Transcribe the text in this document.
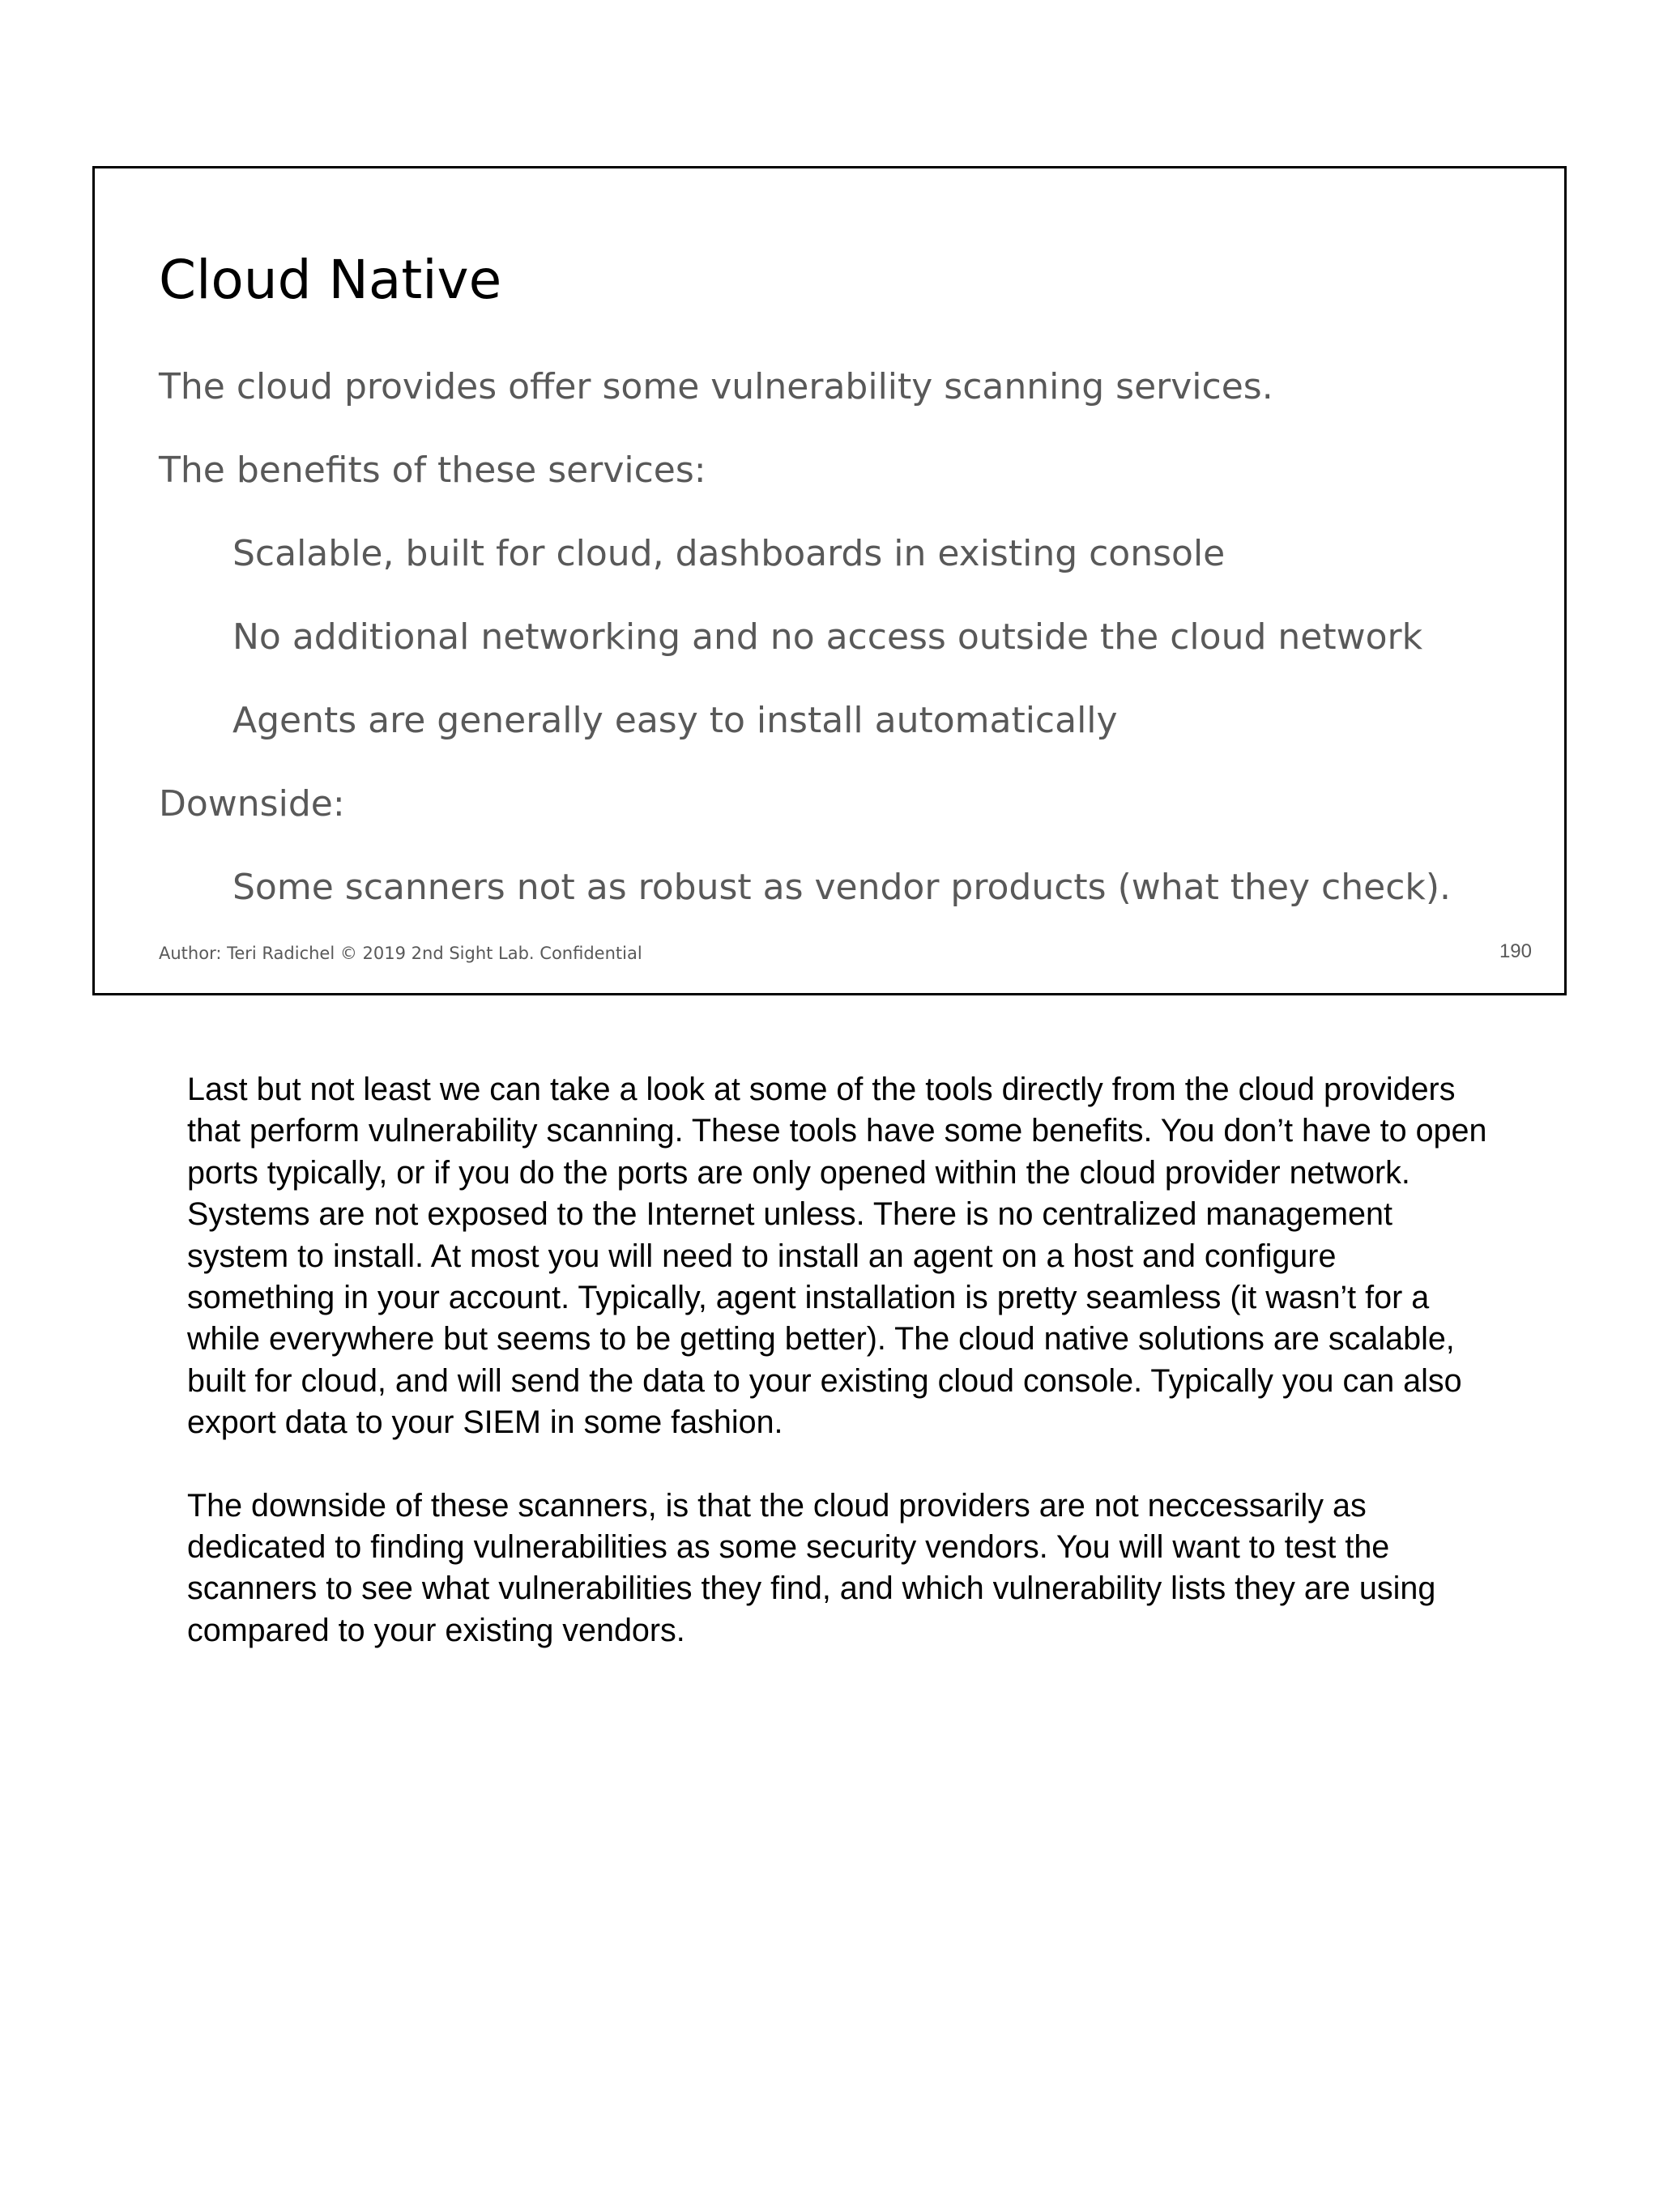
Cloud Native

The cloud provides offer some vulnerability scanning services.

The benefits of these services:

Scalable, built for cloud, dashboards in existing console

No additional networking and no access outside the cloud network

Agents are generally easy to install automatically

Downside:

Some scanners not as robust as vendor products (what they check).

Author: Teri Radichel © 2019 2nd Sight Lab. Confidential	190

Last but not least we can take a look at some of the tools directly from the cloud providers that perform vulnerability scanning. These tools have some benefits. You don’t have to open ports typically, or if you do the ports are only opened within the cloud provider network. Systems are not exposed to the Internet unless. There is no centralized management system to install. At most you will need to install an agent on a host and configure something in your account. Typically, agent installation is pretty seamless (it wasn’t for a while everywhere but seems to be getting better). The cloud native solutions are scalable, built for cloud, and will send the data to your existing cloud console. Typically you can also export data to your SIEM in some fashion.

The downside of these scanners, is that the cloud providers are not neccessarily as dedicated to finding vulnerabilities as some security vendors. You will want to test the scanners to see what vulnerabilities they find, and which vulnerability lists they are using compared to your existing vendors.
